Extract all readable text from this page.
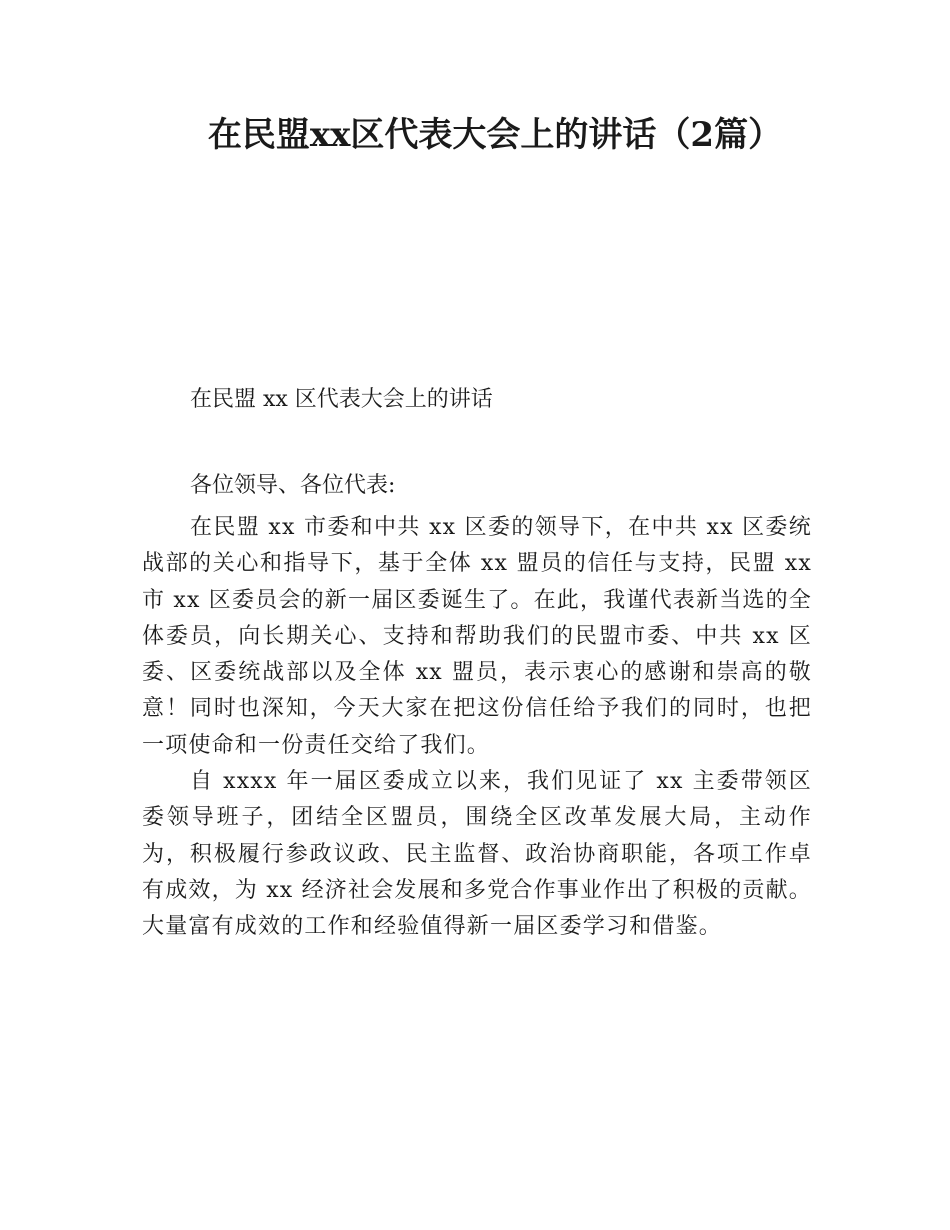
在民盟xx区代表大会上的讲话（2篇）

在民盟 xx 区代表大会上的讲话

各位领导、各位代表:

在民盟 xx 市委和中共 xx 区委的领导下，在中共 xx 区委统战部的关心和指导下，基于全体 xx 盟员的信任与支持，民盟 xx 市 xx 区委员会的新一届区委诞生了。在此，我谨代表新当选的全体委员，向长期关心、支持和帮助我们的民盟市委、中共 xx 区委、区委统战部以及全体 xx 盟员，表示衷心的感谢和崇高的敬意！同时也深知，今天大家在把这份信任给予我们的同时，也把一项使命和一份责任交给了我们。

自 xxxx 年一届区委成立以来，我们见证了 xx 主委带领区委领导班子，团结全区盟员，围绕全区改革发展大局，主动作为，积极履行参政议政、民主监督、政治协商职能，各项工作卓有成效，为 xx 经济社会发展和多党合作事业作出了积极的贡献。大量富有成效的工作和经验值得新一届区委学习和借鉴。
